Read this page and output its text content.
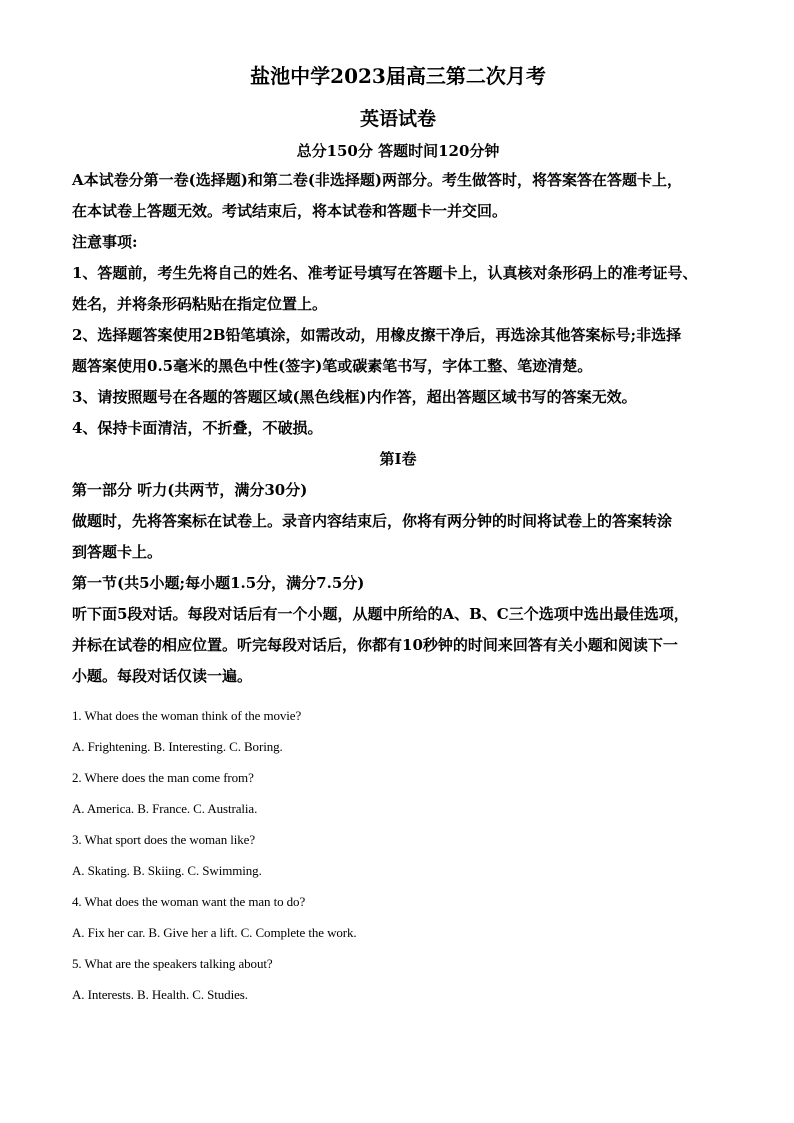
盐池中学2023届高三第二次月考

英语试卷

总分150分 答题时间120分钟

A本试卷分第一卷(选择题)和第二卷(非选择题)两部分。考生做答时，将答案答在答题卡上，

在本试卷上答题无效。考试结束后，将本试卷和答题卡一并交回。

注意事项:

1、答题前，考生先将自己的姓名、准考证号填写在答题卡上，认真核对条形码上的准考证号、

姓名，并将条形码粘贴在指定位置上。

2、选择题答案使用2B铅笔填涂，如需改动，用橡皮擦干净后，再选涂其他答案标号;非选择

题答案使用0.5毫米的黑色中性(签字)笔或碳素笔书写，字体工整、笔迹清楚。

3、请按照题号在各题的答题区域(黑色线框)内作答，超出答题区域书写的答案无效。

4、保持卡面清洁，不折叠，不破损。

第I卷

第一部分 听力(共两节，满分30分)

做题时，先将答案标在试卷上。录音内容结束后，你将有两分钟的时间将试卷上的答案转涂

到答题卡上。

第一节(共5小题;每小题1.5分，满分7.5分)

听下面5段对话。每段对话后有一个小题，从题中所给的A、B、C三个选项中选出最佳选项，

并标在试卷的相应位置。听完每段对话后，你都有10秒钟的时间来回答有关小题和阅读下一

小题。每段对话仅读一遍。

1. What does the woman think of the movie?

A. Frightening. B. Interesting. C. Boring.

2. Where does the man come from?

A. America. B. France. C. Australia.

3. What sport does the woman like?

A. Skating. B. Skiing. C. Swimming.

4. What does the woman want the man to do?

A. Fix her car. B. Give her a lift. C. Complete the work.

5. What are the speakers talking about?

A. Interests. B. Health. C. Studies.
